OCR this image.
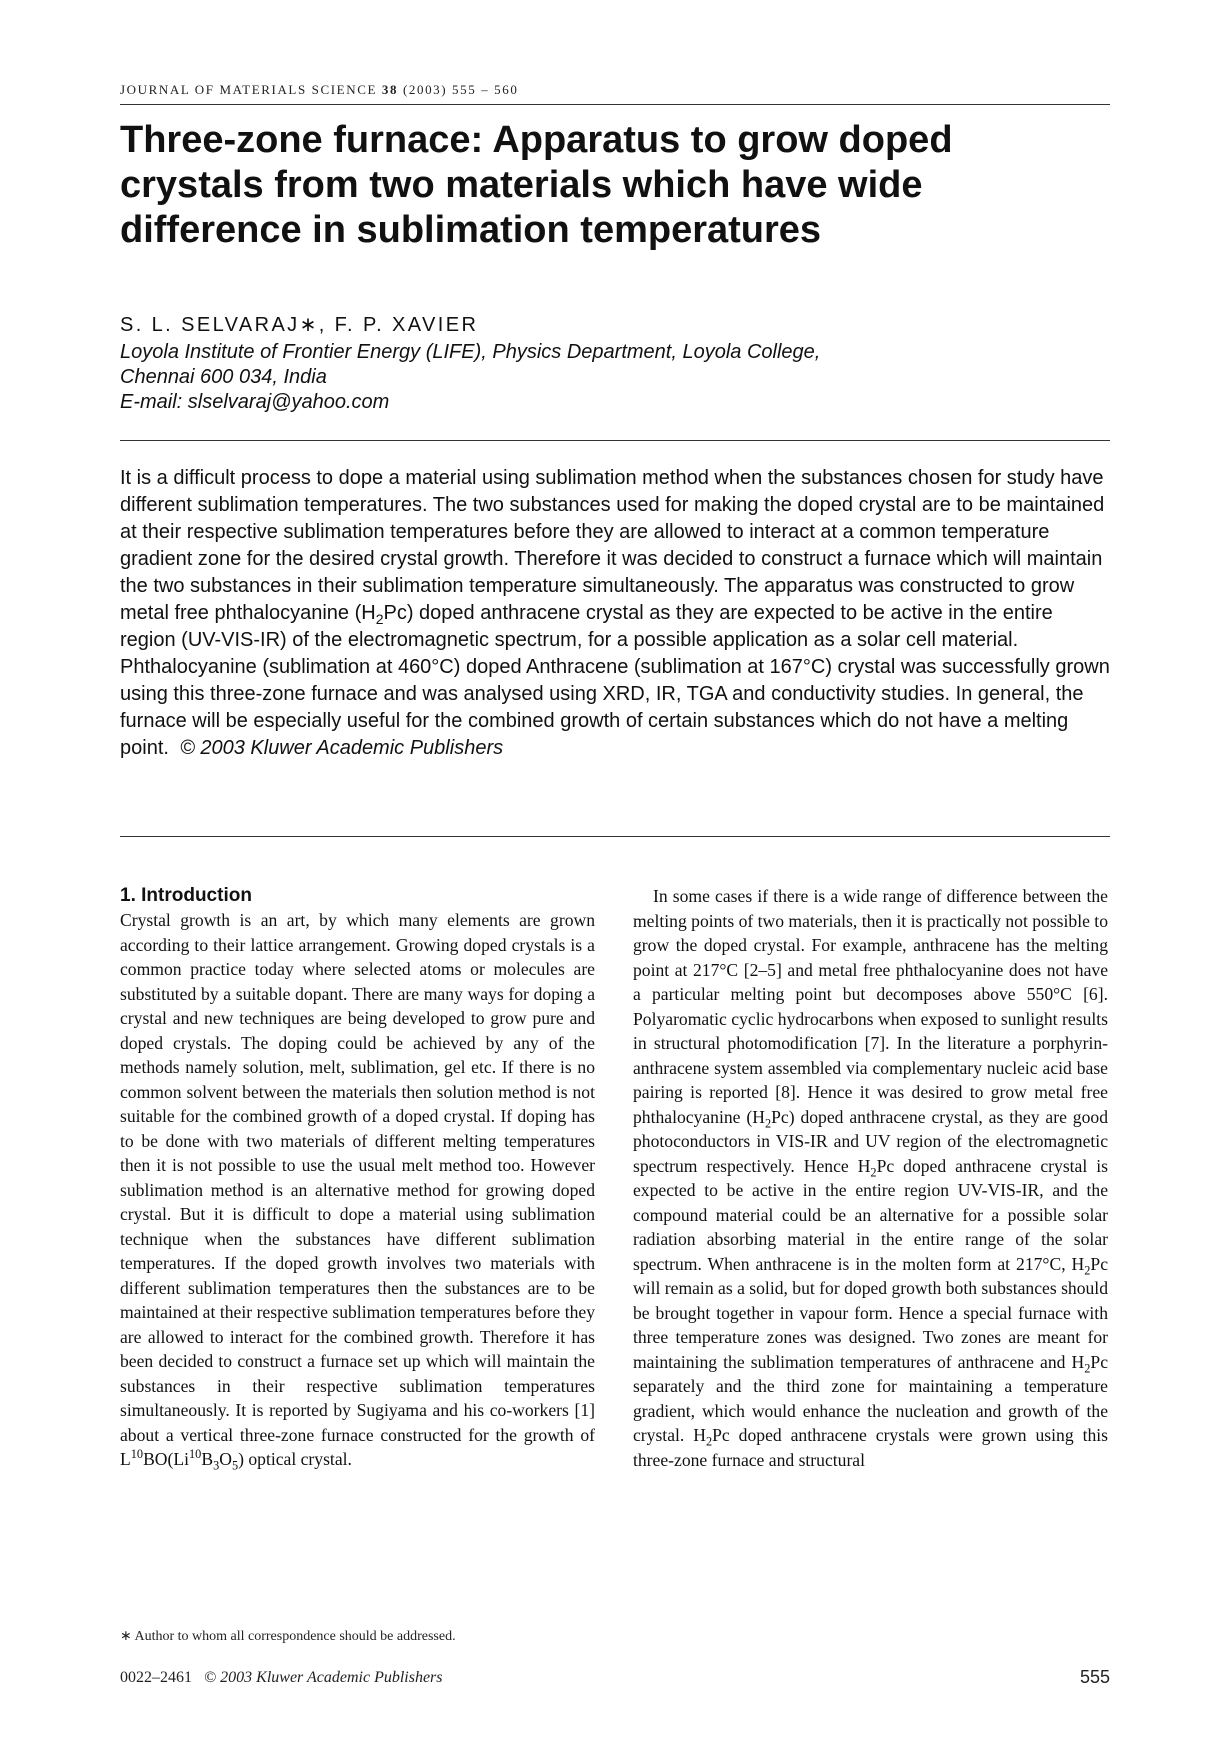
JOURNAL OF MATERIALS SCIENCE 38 (2003) 555 – 560
Three-zone furnace: Apparatus to grow doped crystals from two materials which have wide difference in sublimation temperatures
S. L. SELVARAJ∗, F. P. XAVIER
Loyola Institute of Frontier Energy (LIFE), Physics Department, Loyola College,
Chennai 600 034, India
E-mail: slselvaraj@yahoo.com

It is a difficult process to dope a material using sublimation method when the substances chosen for study have different sublimation temperatures. The two substances used for making the doped crystal are to be maintained at their respective sublimation temperatures before they are allowed to interact at a common temperature gradient zone for the desired crystal growth. Therefore it was decided to construct a furnace which will maintain the two substances in their sublimation temperature simultaneously. The apparatus was constructed to grow metal free phthalocyanine $(H_2Pc)$ doped anthracene crystal as they are expected to be active in the entire region (UV-VIS-IR) of the electromagnetic spectrum, for a possible application as a solar cell material. Phthalocyanine (sublimation at 460°C) doped Anthracene (sublimation at 167°C) crystal was successfully grown using this three-zone furnace and was analysed using XRD, IR, TGA and conductivity studies. In general, the furnace will be especially useful for the combined growth of certain substances which do not have a melting point. © 2003 Kluwer Academic Publishers

1. Introduction

Crystal growth is an art, by which many elements are grown according to their lattice arrangement. Growing doped crystals is a common practice today where selected atoms or molecules are substituted by a suitable dopant. There are many ways for doping a crystal and new techniques are being developed to grow pure and doped crystals. The doping could be achieved by any of the methods namely solution, melt, sublimation, gel etc. If there is no common solvent between the materials then solution method is not suitable for the combined growth of a doped crystal. If doping has to be done with two materials of different melting temperatures then it is not possible to use the usual melt method too. However sublimation method is an alternative method for growing doped crystal. But it is difficult to dope a material using sublimation technique when the substances have different sublimation temperatures. If the doped growth involves two materials with different sublimation temperatures then the substances are to be maintained at their respective sublimation temperatures before they are allowed to interact for the combined growth. Therefore it has been decided to construct a furnace set up which will maintain the substances in their respective sublimation temperatures simultaneously. It is reported by Sugiyama and his co-workers [1] about a vertical three-zone furnace constructed for the growth of $L^{10}BO(Li^{10}B_3O_5)$ optical crystal.

In some cases if there is a wide range of difference between the melting points of two materials, then it is practically not possible to grow the doped crystal. For example, anthracene has the melting point at 217°C [2–5] and metal free phthalocyanine does not have a particular melting point but decomposes above 550°C [6]. Polyaromatic cyclic hydrocarbons when exposed to sunlight results in structural photomodification [7]. In the literature a porphyrin-anthracene system assembled via complementary nucleic acid base pairing is reported [8]. Hence it was desired to grow metal free phthalocyanine $(H_2Pc)$ doped anthracene crystal, as they are good photoconductors in VIS-IR and UV region of the electromagnetic spectrum respectively. Hence $H_2Pc$ doped anthracene crystal is expected to be active in the entire region UV-VIS-IR, and the compound material could be an alternative for a possible solar radiation absorbing material in the entire range of the solar spectrum. When anthracene is in the molten form at 217°C, $H_2Pc$ will remain as a solid, but for doped growth both substances should be brought together in vapour form. Hence a special furnace with three temperature zones was designed. Two zones are meant for maintaining the sublimation temperatures of anthracene and $H_2Pc$ separately and the third zone for maintaining a temperature gradient, which would enhance the nucleation and growth of the crystal. $H_2Pc$ doped anthracene crystals were grown using this three-zone furnace and structural

∗ Author to whom all correspondence should be addressed.
0022–2461 © 2003 Kluwer Academic Publishers	555
